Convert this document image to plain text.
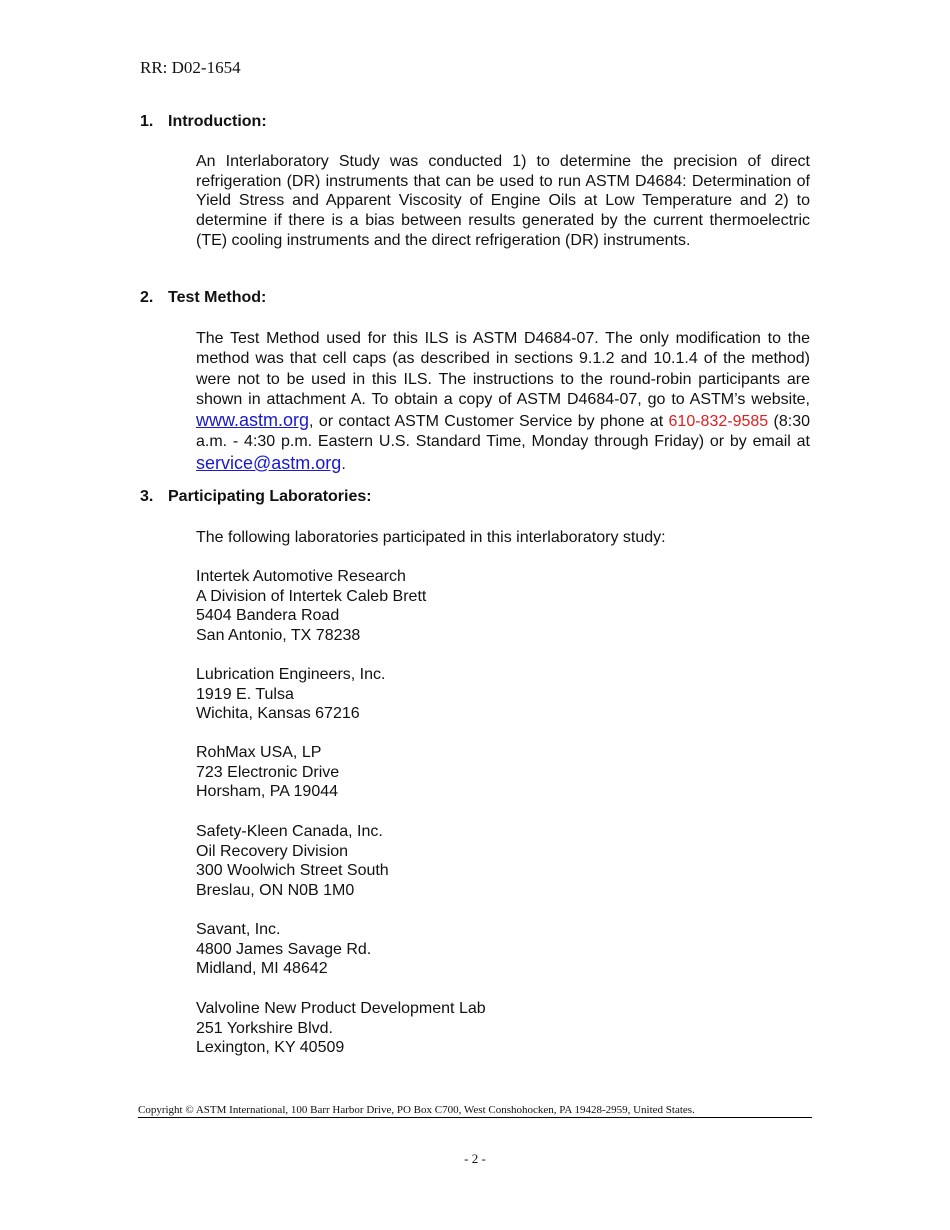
RR: D02-1654
1. Introduction:
An Interlaboratory Study was conducted 1) to determine the precision of direct refrigeration (DR) instruments that can be used to run ASTM D4684: Determination of Yield Stress and Apparent Viscosity of Engine Oils at Low Temperature and 2) to determine if there is a bias between results generated by the current thermoelectric (TE) cooling instruments and the direct refrigeration (DR) instruments.
2. Test Method:
The Test Method used for this ILS is ASTM D4684-07. The only modification to the method was that cell caps (as described in sections 9.1.2 and 10.1.4 of the method) were not to be used in this ILS. The instructions to the round-robin participants are shown in attachment A. To obtain a copy of ASTM D4684-07, go to ASTM’s website, www.astm.org, or contact ASTM Customer Service by phone at 610-832-9585 (8:30 a.m. - 4:30 p.m. Eastern U.S. Standard Time, Monday through Friday) or by email at service@astm.org.
3. Participating Laboratories:
The following laboratories participated in this interlaboratory study:
Intertek Automotive Research
A Division of Intertek Caleb Brett
5404 Bandera Road
San Antonio, TX 78238
Lubrication Engineers, Inc.
1919 E. Tulsa
Wichita, Kansas 67216
RohMax USA, LP
723 Electronic Drive
Horsham, PA 19044
Safety-Kleen Canada, Inc.
Oil Recovery Division
300 Woolwich Street South
Breslau, ON N0B 1M0
Savant, Inc.
4800 James Savage Rd.
Midland, MI 48642
Valvoline New Product Development Lab
251 Yorkshire Blvd.
Lexington, KY 40509
Copyright © ASTM International, 100 Barr Harbor Drive, PO Box C700, West Conshohocken, PA 19428-2959, United States.
- 2 -
